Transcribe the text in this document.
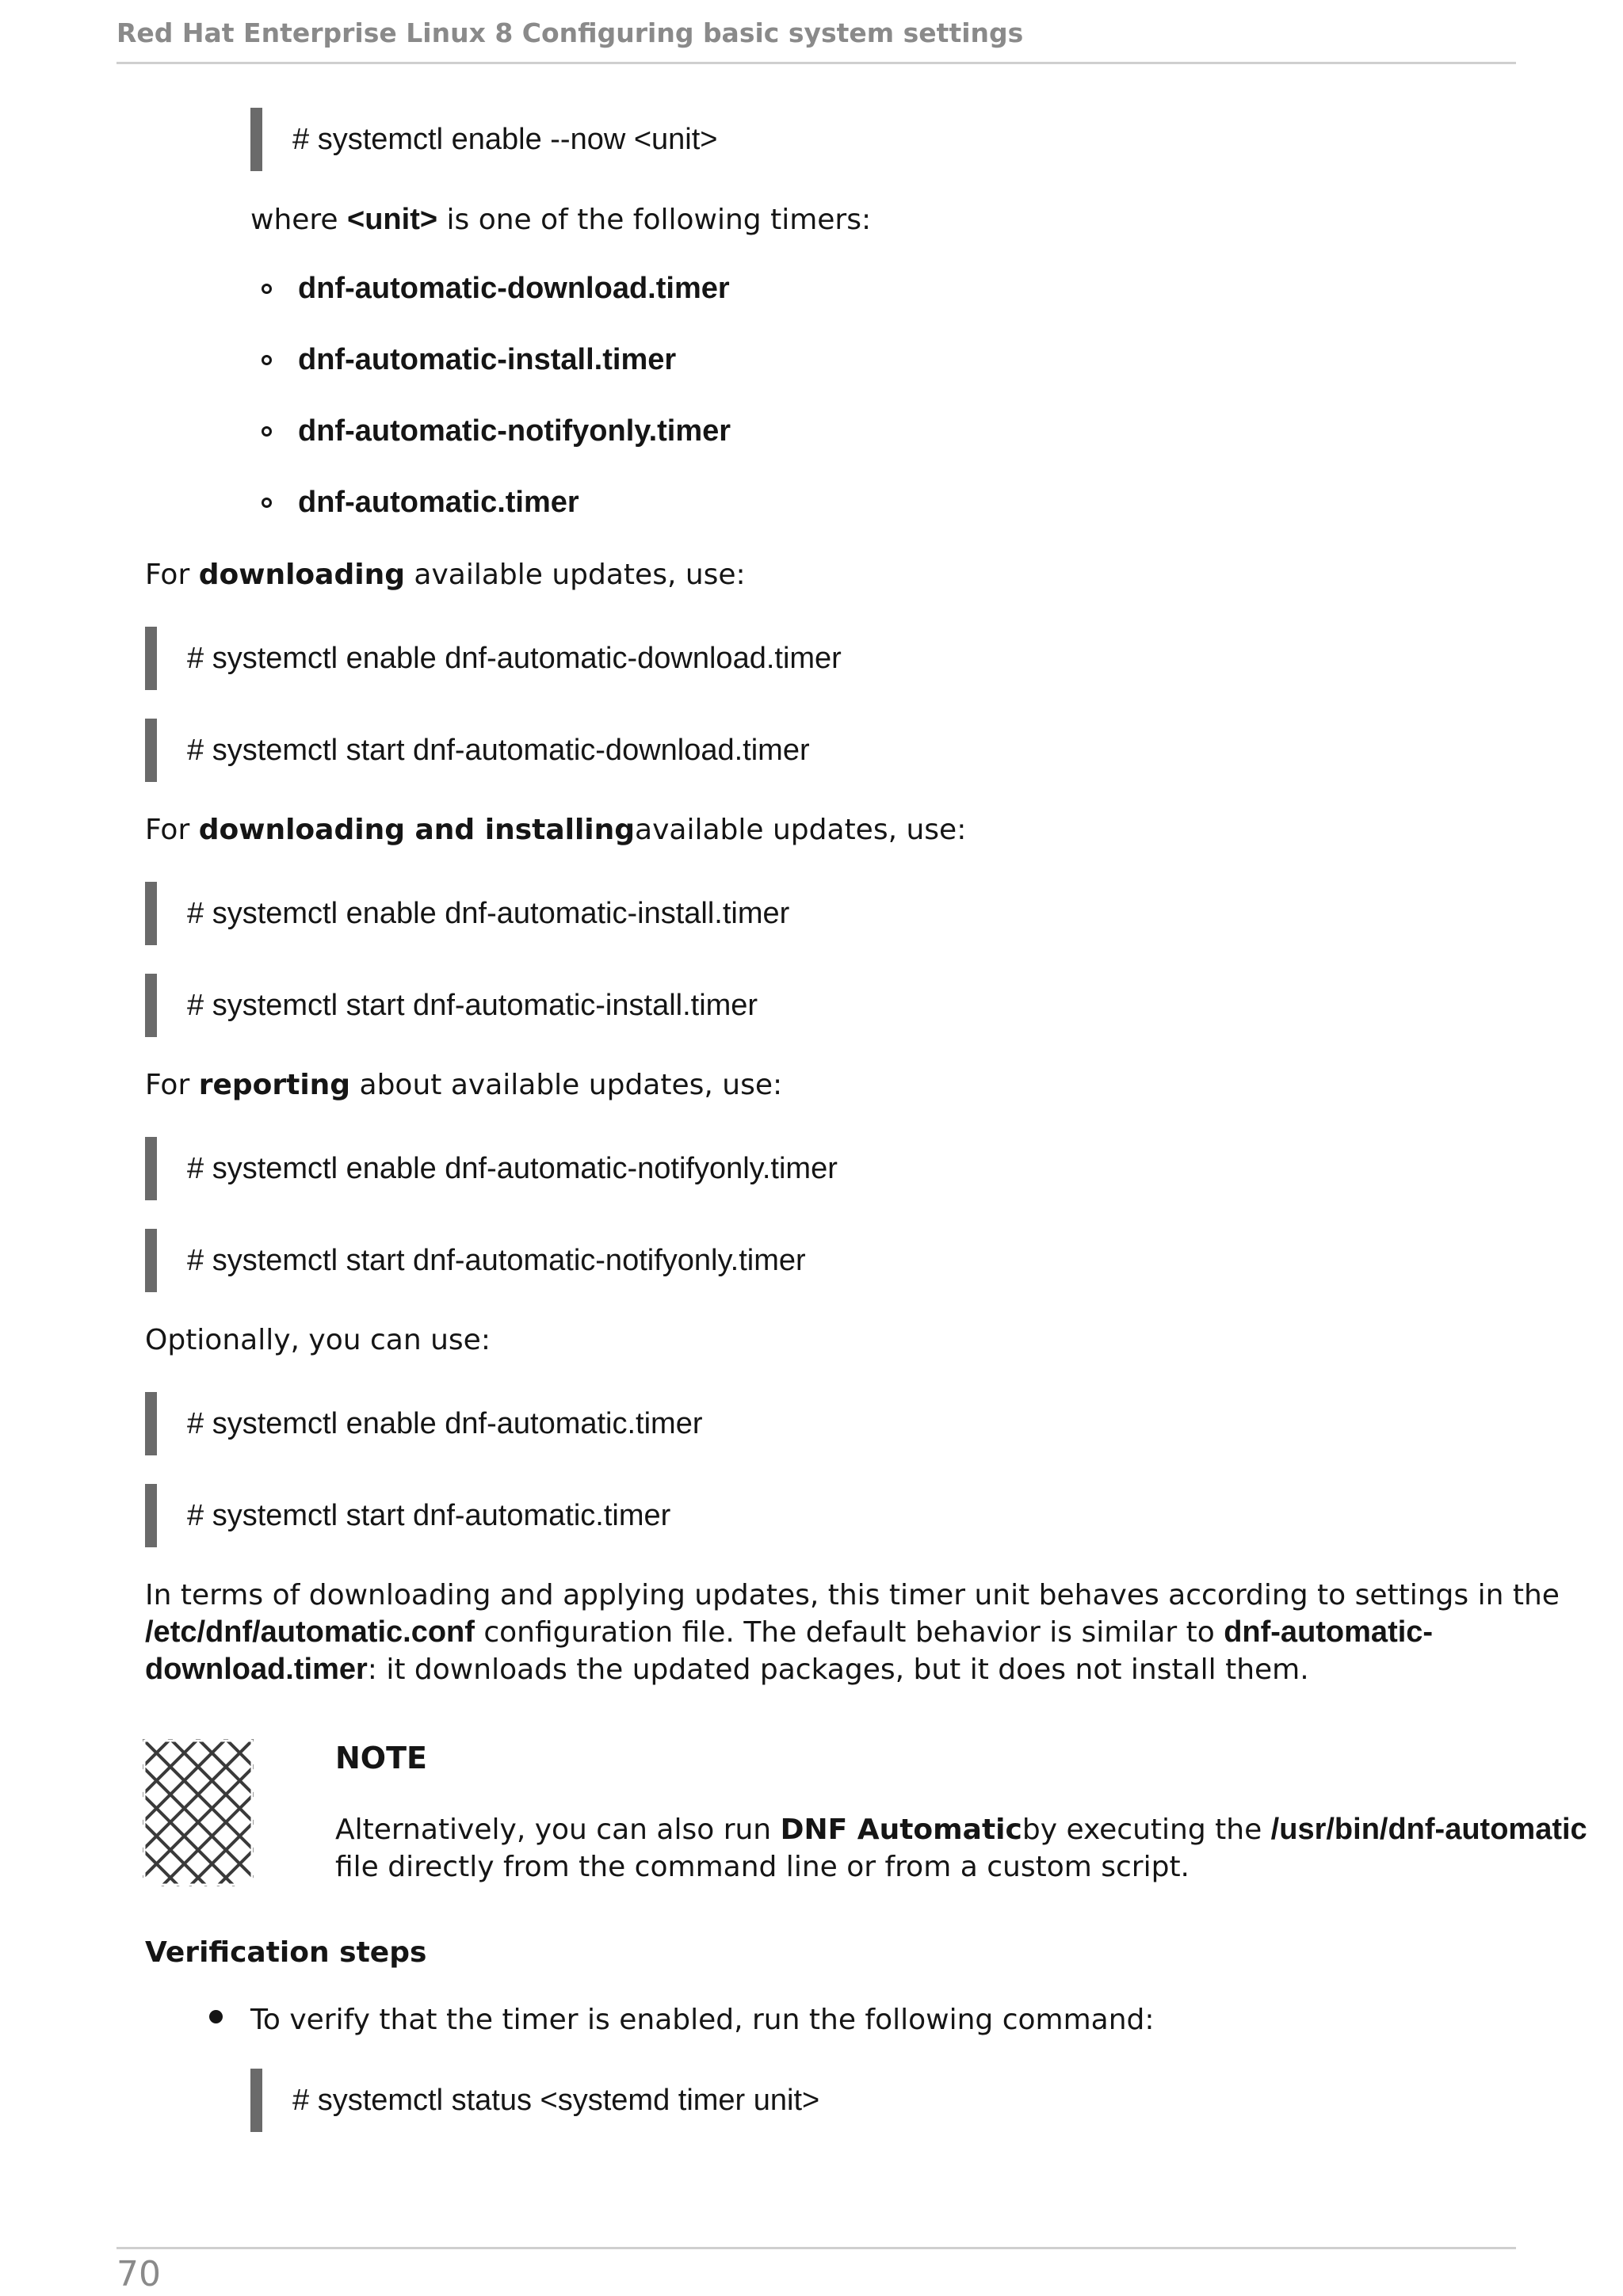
Red Hat Enterprise Linux 8 Configuring basic system settings
# systemctl enable --now <unit>
where <unit> is one of the following timers:
dnf-automatic-download.timer
dnf-automatic-install.timer
dnf-automatic-notifyonly.timer
dnf-automatic.timer
For downloading available updates, use:
# systemctl enable dnf-automatic-download.timer
# systemctl start dnf-automatic-download.timer
For downloading and installingavailable updates, use:
# systemctl enable dnf-automatic-install.timer
# systemctl start dnf-automatic-install.timer
For reporting about available updates, use:
# systemctl enable dnf-automatic-notifyonly.timer
# systemctl start dnf-automatic-notifyonly.timer
Optionally, you can use:
# systemctl enable dnf-automatic.timer
# systemctl start dnf-automatic.timer
In terms of downloading and applying updates, this timer unit behaves according to settings in the
/etc/dnf/automatic.conf configuration file. The default behavior is similar to dnf-automatic-
download.timer: it downloads the updated packages, but it does not install them.
NOTE
Alternatively, you can also run DNF Automaticby executing the /usr/bin/dnf-automatic
file directly from the command line or from a custom script.
Verification steps
To verify that the timer is enabled, run the following command:
# systemctl status <systemd timer unit>
70
